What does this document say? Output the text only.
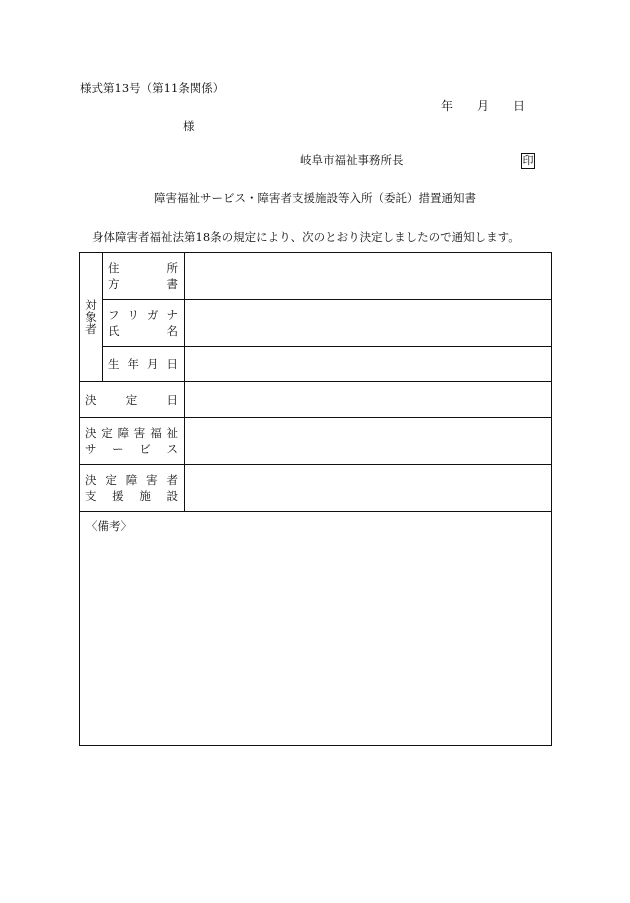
様式第13号（第11条関係）
年　　月　　日
様
岐阜市福祉事務所長	印
障害福祉サービス・障害者支援施設等入所（委託）措置通知書
身体障害者福祉法第18条の規定により、次のとおり決定しましたので通知します。
対象者
住	所
方	書
フ リ ガ ナ
氏	名
生 年 月 日
決	定	日
決 定 障 害 福 祉
サ ー ビ ス
決 定 障 害 者
支 援 施 設
〈備考〉
